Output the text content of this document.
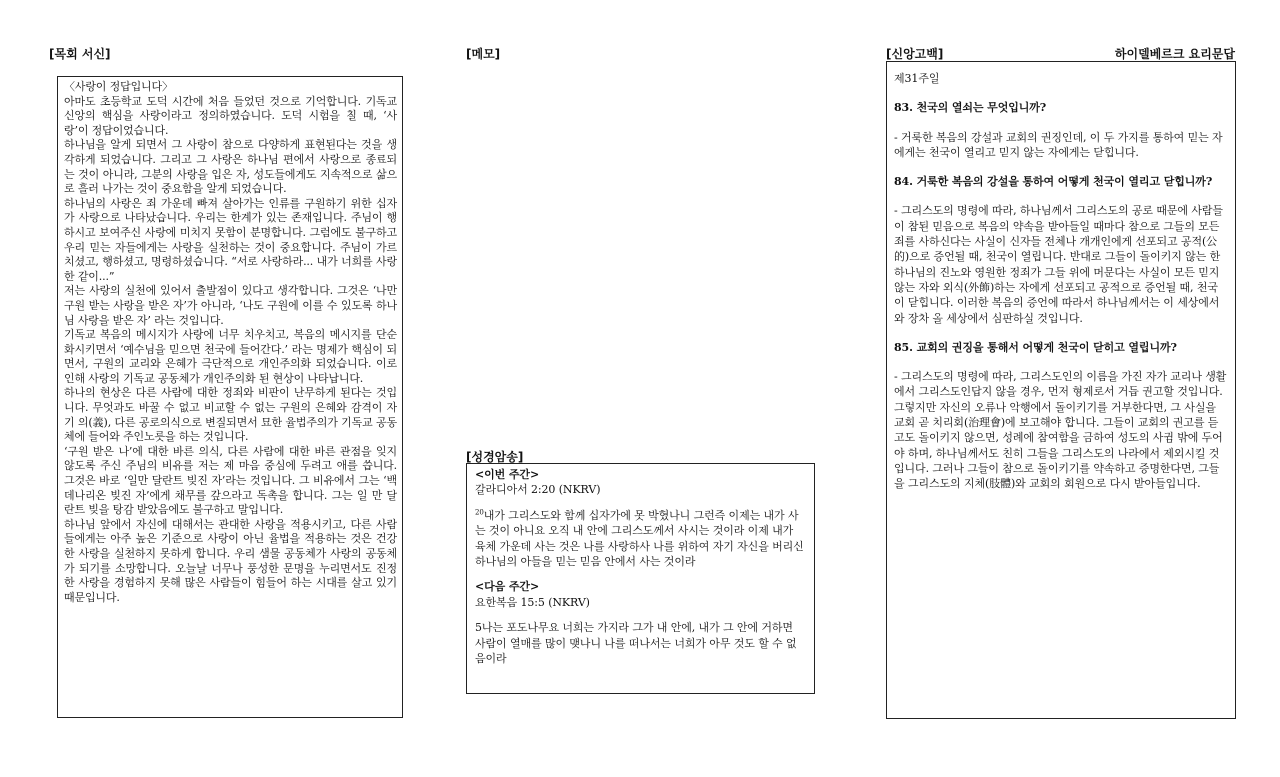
[목회 서신]	[메모]	[신앙고백]	하이델베르크 요리문답
[성경암송]

〈사랑이 정답입니다〉

아마도 초등학교 도덕 시간에 처음 들었던 것으로 기억합니다. 기독교 신앙의 핵심을 사랑이라고 정의하였습니다. 도덕 시험을 칠 때, ‘사랑’이 정답이었습니다.

하나님을 알게 되면서 그 사랑이 참으로 다양하게 표현된다는 것을 생각하게 되었습니다. 그리고 그 사랑은 하나님 편에서 사랑으로 종료되는 것이 아니라, 그분의 사랑을 입은 자, 성도들에게도 지속적으로 삶으로 흘러 나가는 것이 중요함을 알게 되었습니다.

하나님의 사랑은 죄 가운데 빠져 살아가는 인류를 구원하기 위한 십자가 사랑으로 나타났습니다. 우리는 한계가 있는 존재입니다. 주님이 행하시고 보여주신 사랑에 미치지 못함이 분명합니다. 그럼에도 불구하고 우리 믿는 자들에게는 사랑을 실천하는 것이 중요합니다. 주님이 가르치셨고, 행하셨고, 명령하셨습니다. “서로 사랑하라... 내가 너희를 사랑한 같이...”

저는 사랑의 실천에 있어서 출발점이 있다고 생각합니다. 그것은 ‘나만 구원 받는 사랑을 받은 자’가 아니라, ‘나도 구원에 이를 수 있도록 하나님 사랑을 받은 자’ 라는 것입니다.

기독교 복음의 메시지가 사랑에 너무 치우치고, 복음의 메시지를 단순화시키면서 ‘예수님을 믿으면 천국에 들어간다.’ 라는 명제가 핵심이 되면서, 구원의 교리와 은혜가 극단적으로 개인주의화 되었습니다. 이로 인해 사랑의 기독교 공동체가 개인주의화 된 현상이 나타납니다.

하나의 현상은 다른 사람에 대한 정죄와 비판이 난무하게 된다는 것입니다. 무엇과도 바꿀 수 없고 비교할 수 없는 구원의 은혜와 감격이 자기 의(義), 다른 공로의식으로 변질되면서 묘한 율법주의가 기독교 공동체에 들어와 주인노릇을 하는 것입니다.

‘구원 받은 나’에 대한 바른 의식, 다른 사람에 대한 바른 관점을 잊지 않도록 주신 주님의 비유를 저는 제 마음 중심에 두려고 애를 씁니다. 그것은 바로 ‘일만 달란트 빚진 자’라는 것입니다. 그 비유에서 그는 ‘백 데나리온 빚진 자’에게 채무를 갚으라고 독촉을 합니다. 그는 일 만 달란트 빚을 탕감 받았음에도 불구하고 말입니다.

하나님 앞에서 자신에 대해서는 관대한 사랑을 적용시키고, 다른 사람들에게는 아주 높은 기준으로 사랑이 아닌 율법을 적용하는 것은 건강한 사랑을 실천하지 못하게 합니다. 우리 샘물 공동체가 사랑의 공동체가 되기를 소망합니다. 오늘날 너무나 풍성한 문명을 누리면서도 진정한 사랑을 경험하지 못해 많은 사람들이 힘들어 하는 시대를 살고 있기 때문입니다.

<이번 주간>

갈라디아서 2:20 (NKRV)

$^{20}$내가 그리스도와 함께 십자가에 못 박혔나니 그런즉 이제는 내가 사는 것이 아니요 오직 내 안에 그리스도께서 사시는 것이라 이제 내가 육체 가운데 사는 것은 나를 사랑하사 나를 위하여 자기 자신을 버리신 하나님의 아들을 믿는 믿음 안에서 사는 것이라

<다음 주간>

요한복음 15:5 (NKRV)

5나는 포도나무요 너희는 가지라 그가 내 안에, 내가 그 안에 거하면 사람이 열매를 많이 맺나니 나를 떠나서는 너희가 아무 것도 할 수 없음이라

제31주일

83. 천국의 열쇠는 무엇입니까?

- 거룩한 복음의 강설과 교회의 권징인데, 이 두 가지를 통하여 믿는 자에게는 천국이 열리고 믿지 않는 자에게는 닫힙니다.

84. 거룩한 복음의 강설을 통하여 어떻게 천국이 열리고 닫힙니까?

- 그리스도의 명령에 따라, 하나님께서 그리스도의 공로 때문에 사람들이 참된 믿음으로 복음의 약속을 받아들일 때마다 참으로 그들의 모든 죄를 사하신다는 사실이 신자들 전체나 개개인에게 선포되고 공적(公的)으로 증언될 때, 천국이 열립니다. 반대로 그들이 돌이키지 않는 한 하나님의 진노와 영원한 정죄가 그들 위에 머문다는 사실이 모든 믿지 않는 자와 외식(外飾)하는 자에게 선포되고 공적으로 증언될 때, 천국이 닫힙니다. 이러한 복음의 증언에 따라서 하나님께서는 이 세상에서와 장차 올 세상에서 심판하실 것입니다.

85. 교회의 권징을 통해서 어떻게 천국이 닫히고 열립니까?

- 그리스도의 명령에 따라, 그리스도인의 이름을 가진 자가 교리나 생활에서 그리스도인답지 않을 경우, 먼저 형제로서 거듭 권고할 것입니다. 그렇지만 자신의 오류나 악행에서 돌이키기를 거부한다면, 그 사실을 교회 곧 치리회(治理會)에 보고해야 합니다. 그들이 교회의 권고를 듣고도 돌이키지 않으면, 성례에 참여함을 금하여 성도의 사귐 밖에 두어야 하며, 하나님께서도 친히 그들을 그리스도의 나라에서 제외시킬 것입니다. 그러나 그들이 참으로 돌이키기를 약속하고 증명한다면, 그들을 그리스도의 지체(肢體)와 교회의 회원으로 다시 받아들입니다.
